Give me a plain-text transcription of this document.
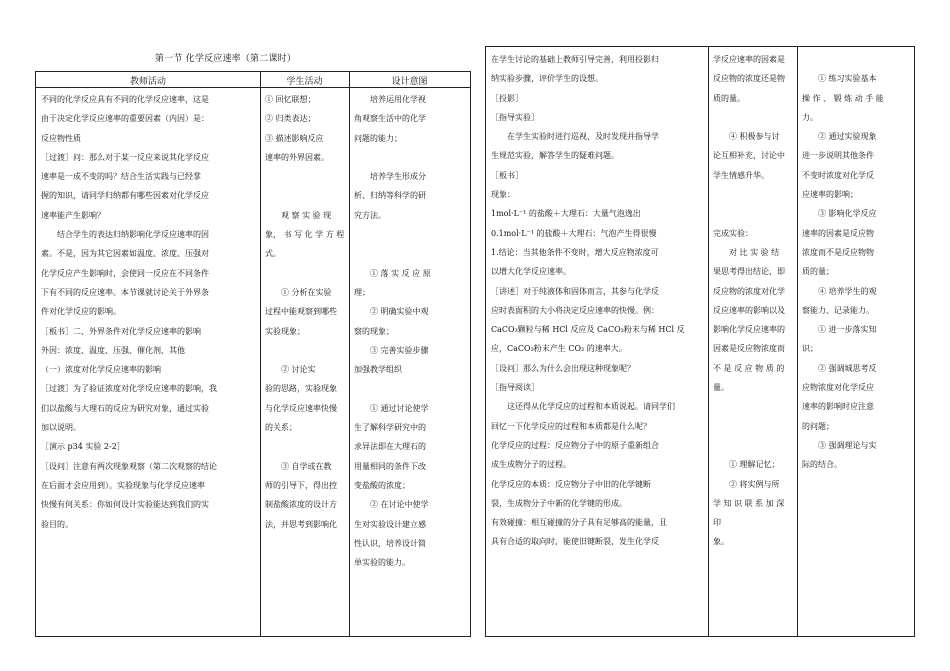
第一节 化学反应速率（第二课时）
教师活动	学生活动	设计意图

不同的化学反应具有不同的化学反应速率，这是

由于决定化学反应速率的重要因素（内因）是：

反应物性质

［过渡］问：那么对于某一反应来说其化学反应

速率是一成不变的吗？结合生活实践与已经掌

握的知识，请同学归纳都有哪些因素对化学反应

速率能产生影响？

结合学生的表达归纳影响化学反应速率的因

素。不是，因为其它因素如温度、浓度、压强对

化学反应产生影响时，会使同一反应在不同条件

下有不同的反应速率。本节课就讨论关于外界条

件对化学反应的影响。

［板书］二、外界条件对化学反应速率的影响

外因：浓度、温度、压强、催化剂、其他

（一）浓度对化学反应速率的影响

［过渡］为了验证浓度对化学反应速率的影响，我

们以盐酸与大理石的反应为研究对象，通过实验

加以说明。

［演示 p34 实验 2-2］

［设问］注意有两次现象观察（第二次观察的结论

在后面才会应用到）。实验现象与化学反应速率

快慢有何关系：你如何设计实验能达到我们的实

验目的。

① 回忆联想；

② 归类表达；

③ 描述影响反应

速率的外界因素。

观 察 实 验 现

象， 书 写 化 学 方 程

式。

① 分析在实验

过程中能观察到哪些

实验现象；

② 讨论实

验的思路，实验现象

与化学反应速率快慢

的关系；

③ 自学或在教

师的引导下，得出控

制盐酸浓度的设计方

法，并思考到影响化

培养运用化学视

角观察生活中的化学

问题的能力；

培养学生形成分

析、归纳等科学的研

究方法。

① 落 实 反 应 原

理；

② 明确实验中观

察的现象；

③ 完善实验步骤

加强教学组织

① 通过讨论使学

生了解科学研究中的

求异法即在大理石的

用量相同的条件下改

变盐酸的浓度；

② 在讨论中使学

生对实验设计建立感

性认识，培养设计简

单实验的能力。

在学生讨论的基础上教师引导完善，利用投影归

纳实验步骤，评价学生的设想。

［投影］

［指导实验］

在学生实验时进行巡视，及时发现并指导学

生规范实验，解答学生的疑难问题。

［板书］

现象：

1mol·L⁻¹ 的盐酸＋大理石：大量气泡逸出

0.1mol·L⁻¹ 的盐酸＋大理石：气泡产生得很慢

1.结论：当其他条件不变时，增大反应物浓度可

以增大化学反应速率。

［讲述］对于纯液体和固体而言，其参与化学反

应时表面积的大小将决定反应速率的快慢。例：

CaCO₃颗粒与稀 HCl 反应及 CaCO₃粉末与稀 HCl 反

应，CaCO₃粉末产生 CO₂ 的速率大。

［设问］那么为什么会出现这种现象呢？

［指导阅读］

这还得从化学反应的过程和本质说起。请同学们

回忆一下化学反应的过程和本质都是什么呢？

化学反应的过程：反应物分子中的原子重新组合

成生成物分子的过程。

化学反应的本质：反应物分子中旧的化学键断

裂，生成物分子中新的化学键的形成。

有效碰撞：相互碰撞的分子具有足够高的能量，且

具有合适的取向时，能使旧键断裂，发生化学反

学反应速率的因素是

反应物的浓度还是物

质的量。

④ 积极参与讨

论互相补充，讨论中

学生情感升华。

完成实验：

对 比 实 验 结

果思考得出结论，即

反应物的浓度对化学

反应速率的影响以及

影响化学反应速率的

因素是反应物浓度而

不 是 反 应 物 质 的

量。

① 理解记忆；

② 将实例与所

学 知 识 联 系 加 深 印

象。

① 练习实验基本

操 作 、 锻 炼 动 手 能

力。

② 通过实验现象

进一步说明其他条件

不变时浓度对化学反

应速率的影响；

③ 影响化学反应

速率的因素是反应物

浓度而不是反应物物

质的量；

④ 培养学生的观

察能力、记录能力。

① 进一步落实知

识；

② 强调城思考反

应物浓度对化学反应

速率的影响时应注意

的问题；

③ 强调理论与实

际的结合。
